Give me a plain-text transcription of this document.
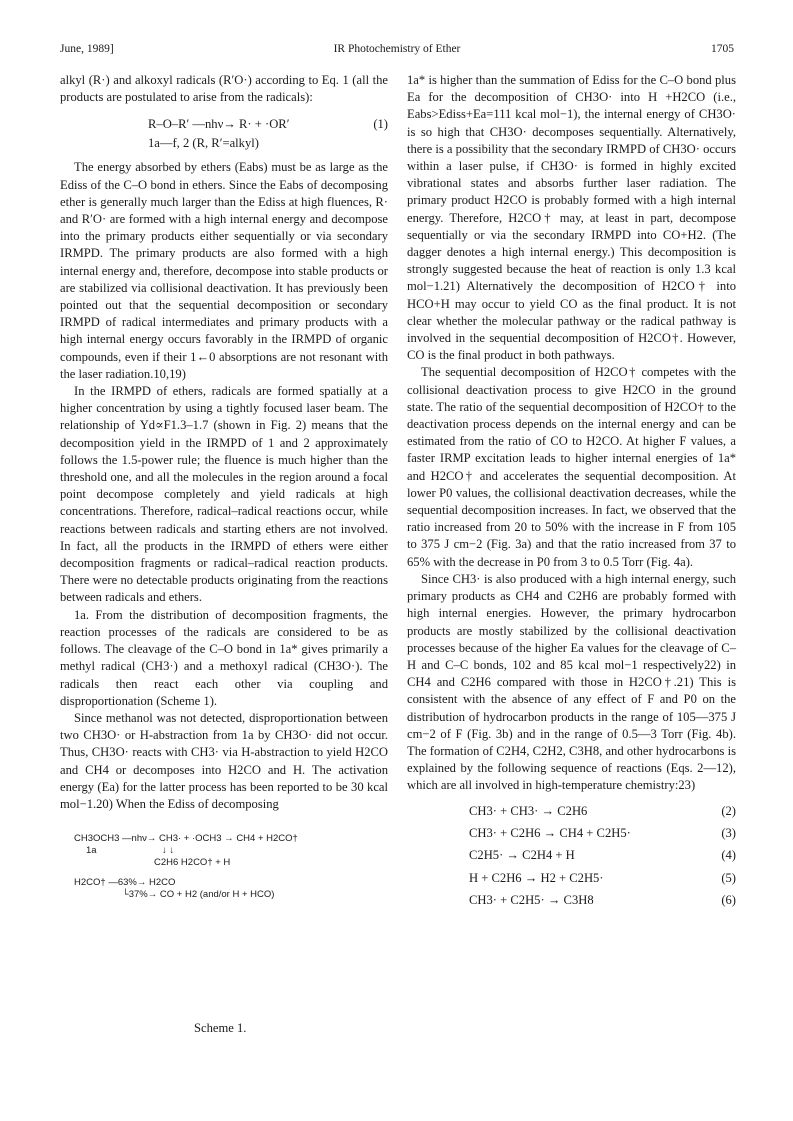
June, 1989]	IR Photochemistry of Ether	1705

alkyl (R·) and alkoxyl radicals (R′O·) according to Eq. 1 (all the products are postulated to arise from the radicals):

R–O–R′ —nhν→ R· + ·OR′	(1)
1a—f, 2 (R, R′=alkyl)

The energy absorbed by ethers (Eabs) must be as large as the Ediss of the C–O bond in ethers. Since the Eabs of decomposing ether is generally much larger than the Ediss at high fluences, R· and R′O· are formed with a high internal energy and decompose into the primary products either sequentially or via secondary IRMPD. The primary products are also formed with a high internal energy and, therefore, decompose into stable products or are stabilized via collisional deactivation. It has previously been pointed out that the sequential decomposition or secondary IRMPD of radical intermediates and primary products with a high internal energy occurs favorably in the IRMPD of organic compounds, even if their 1←0 absorptions are not resonant with the laser radiation.10,19)

In the IRMPD of ethers, radicals are formed spatially at a higher concentration by using a tightly focused laser beam. The relationship of Yd∝F1.3–1.7 (shown in Fig. 2) means that the decomposition yield in the IRMPD of 1 and 2 approximately follows the 1.5-power rule; the fluence is much higher than the threshold one, and all the molecules in the region around a focal point decompose completely and yield radicals at high concentrations. Therefore, radical–radical reactions occur, while reactions between radicals and starting ethers are not involved. In fact, all the products in the IRMPD of ethers were either decomposition fragments or radical–radical reaction products. There were no detectable products originating from the reactions between radicals and ethers.

1a. From the distribution of decomposition fragments, the reaction processes of the radicals are considered to be as follows. The cleavage of the C–O bond in 1a* gives primarily a methyl radical (CH3·) and a methoxyl radical (CH3O·). The radicals then react each other via coupling and disproportionation (Scheme 1).

Since methanol was not detected, disproportionation between two CH3O· or H-abstraction from 1a by CH3O· did not occur. Thus, CH3O· reacts with CH3· via H-abstraction to yield H2CO and CH4 or decomposes into H2CO and H. The activation energy (Ea) for the latter process has been reported to be 30 kcal mol−1.20) When the Ediss of decomposing

CH3OCH3 —nhν→ CH3· + ·OCH3 → CH4 + H2CO†
1a	↓ ↓
C2H6 H2CO† + H
H2CO† —63%→ H2CO
└37%→ CO + H2 (and/or H + HCO)
Scheme 1.

1a* is higher than the summation of Ediss for the C–O bond plus Ea for the decomposition of CH3O· into H +H2CO (i.e., Eabs>Ediss+Ea=111 kcal mol−1), the internal energy of CH3O· is so high that CH3O· decomposes sequentially. Alternatively, there is a possibility that the secondary IRMPD of CH3O· occurs within a laser pulse, if CH3O· is formed in highly excited vibrational states and absorbs further laser radiation. The primary product H2CO is probably formed with a high internal energy. Therefore, H2CO† may, at least in part, decompose sequentially or via the secondary IRMPD into CO+H2. (The dagger denotes a high internal energy.) This decomposition is strongly suggested because the heat of reaction is only 1.3 kcal mol−1.21) Alternatively the decomposition of H2CO† into HCO+H may occur to yield CO as the final product. It is not clear whether the molecular pathway or the radical pathway is involved in the sequential decomposition of H2CO†. However, CO is the final product in both pathways.

The sequential decomposition of H2CO† competes with the collisional deactivation process to give H2CO in the ground state. The ratio of the sequential decomposition of H2CO† to the deactivation process depends on the internal energy and can be estimated from the ratio of CO to H2CO. At higher F values, a faster IRMP excitation leads to higher internal energies of 1a* and H2CO† and accelerates the sequential decomposition. At lower P0 values, the collisional deactivation decreases, while the sequential decomposition increases. In fact, we observed that the ratio increased from 20 to 50% with the increase in F from 105 to 375 J cm−2 (Fig. 3a) and that the ratio increased from 37 to 65% with the decrease in P0 from 3 to 0.5 Torr (Fig. 4a).

Since CH3· is also produced with a high internal energy, such primary products as CH4 and C2H6 are probably formed with high internal energies. However, the primary hydrocarbon products are mostly stabilized by the collisional deactivation processes because of the higher Ea values for the cleavage of C–H and C–C bonds, 102 and 85 kcal mol−1 respectively22) in CH4 and C2H6 compared with those in H2CO†.21) This is consistent with the absence of any effect of F and P0 on the distribution of hydrocarbon products in the range of 105—375 J cm−2 of F (Fig. 3b) and in the range of 0.5—3 Torr (Fig. 4b). The formation of C2H4, C2H2, C3H8, and other hydrocarbons is explained by the following sequence of reactions (Eqs. 2—12), which are all involved in high-temperature chemistry:23)

CH3· + CH3· → C2H6	(2)
CH3· + C2H6 → CH4 + C2H5·	(3)
C2H5· → C2H4 + H	(4)
H + C2H6 → H2 + C2H5·	(5)
CH3· + C2H5· → C3H8	(6)
